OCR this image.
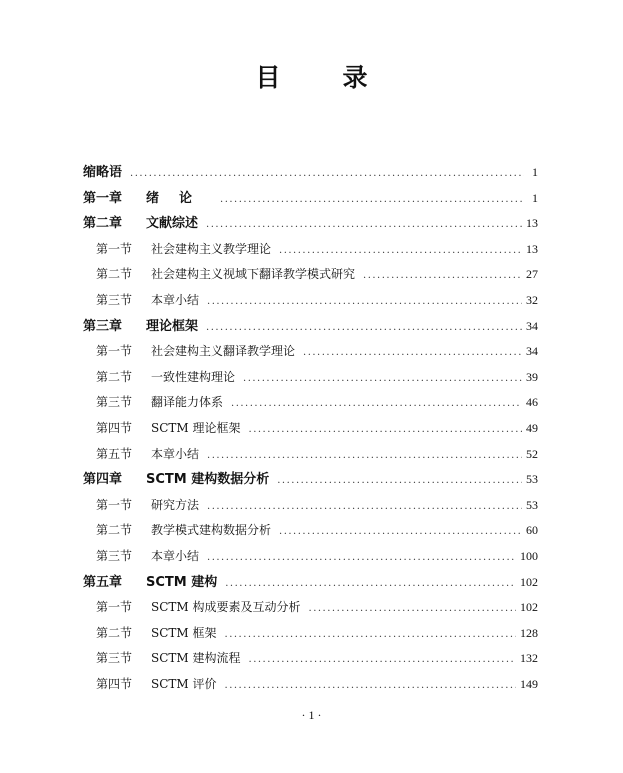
目 录
缩略语 .....	1
第一章 绪论 .....	1
第二章 文献综述 .....	13
第一节 社会建构主义教学理论 .....	13
第二节 社会建构主义视域下翻译教学模式研究 .....	27
第三节 本章小结 .....	32
第三章 理论框架 .....	34
第一节 社会建构主义翻译教学理论 .....	34
第二节 一致性建构理论 .....	39
第三节 翻译能力体系 .....	46
第四节 SCTM 理论框架 .....	49
第五节 本章小结 .....	52
第四章 SCTM 建构数据分析 .....	53
第一节 研究方法 .....	53
第二节 教学模式建构数据分析 .....	60
第三节 本章小结 .....	100
第五章 SCTM 建构 .....	102
第一节 SCTM 构成要素及互动分析 .....	102
第二节 SCTM 框架 .....	128
第三节 SCTM 建构流程 .....	132
第四节 SCTM 评价 .....	149
· 1 ·
